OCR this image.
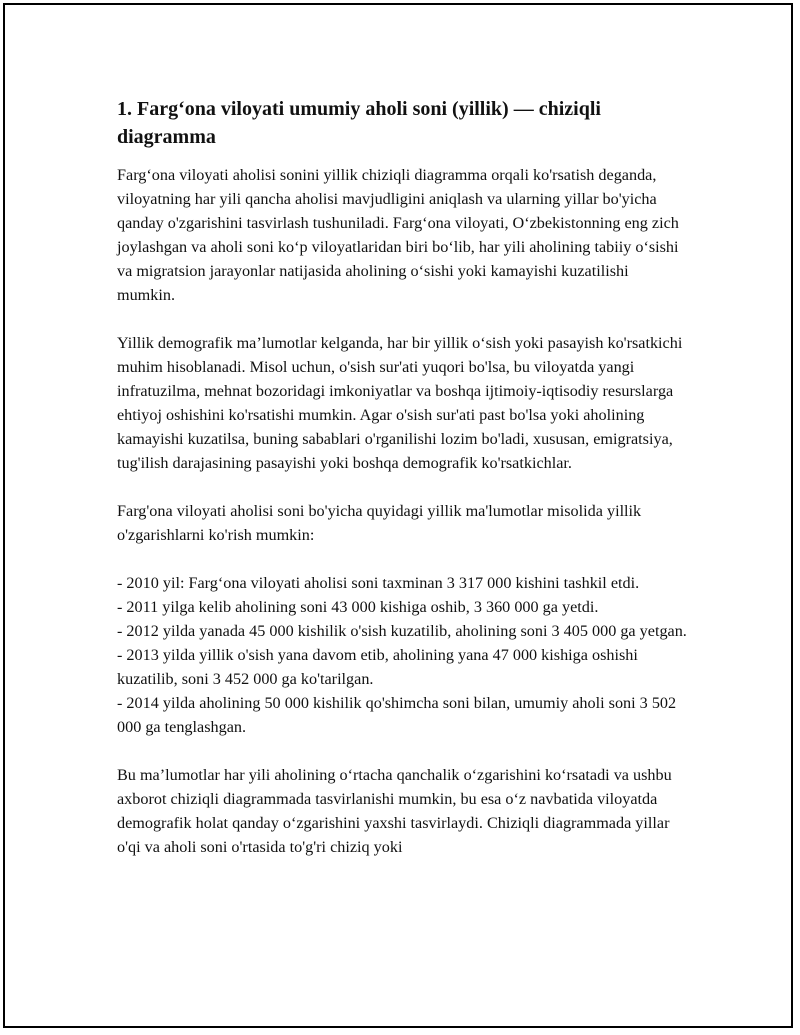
1. Farg‘ona viloyati umumiy aholi soni (yillik) — chiziqli diagramma

Farg‘ona viloyati aholisi sonini yillik chiziqli diagramma orqali ko'rsatish deganda, viloyatning har yili qancha aholisi mavjudligini aniqlash va ularning yillar bo'yicha qanday o'zgarishini tasvirlash tushuniladi. Farg‘ona viloyati, O‘zbekistonning eng zich joylashgan va aholi soni ko‘p viloyatlaridan biri bo‘lib, har yili aholining tabiiy o‘sishi va migratsion jarayonlar natijasida aholining o‘sishi yoki kamayishi kuzatilishi mumkin.

Yillik demografik ma’lumotlar kelganda, har bir yillik o‘sish yoki pasayish ko'rsatkichi muhim hisoblanadi. Misol uchun, o'sish sur'ati yuqori bo'lsa, bu viloyatda yangi infratuzilma, mehnat bozoridagi imkoniyatlar va boshqa ijtimoiy-iqtisodiy resurslarga ehtiyoj oshishini ko'rsatishi mumkin. Agar o'sish sur'ati past bo'lsa yoki aholining kamayishi kuzatilsa, buning sabablari o'rganilishi lozim bo'ladi, xususan, emigratsiya, tug'ilish darajasining pasayishi yoki boshqa demografik ko'rsatkichlar.

Farg'ona viloyati aholisi soni bo'yicha quyidagi yillik ma'lumotlar misolida yillik o'zgarishlarni ko'rish mumkin:

- 2010 yil: Farg‘ona viloyati aholisi soni taxminan 3 317 000 kishini tashkil etdi.
- 2011 yilga kelib aholining soni 43 000 kishiga oshib, 3 360 000 ga yetdi.
- 2012 yilda yanada 45 000 kishilik o'sish kuzatilib, aholining soni 3 405 000 ga yetgan.
- 2013 yilda yillik o'sish yana davom etib, aholining yana 47 000 kishiga oshishi kuzatilib, soni 3 452 000 ga ko'tarilgan.
- 2014 yilda aholining 50 000 kishilik qo'shimcha soni bilan, umumiy aholi soni 3 502 000 ga tenglashgan.

Bu ma’lumotlar har yili aholining o‘rtacha qanchalik o‘zgarishini ko‘rsatadi va ushbu axborot chiziqli diagrammada tasvirlanishi mumkin, bu esa o‘z navbatida viloyatda demografik holat qanday o‘zgarishini yaxshi tasvirlaydi. Chiziqli diagrammada yillar o'qi va aholi soni o'rtasida to'g'ri chiziq yoki
